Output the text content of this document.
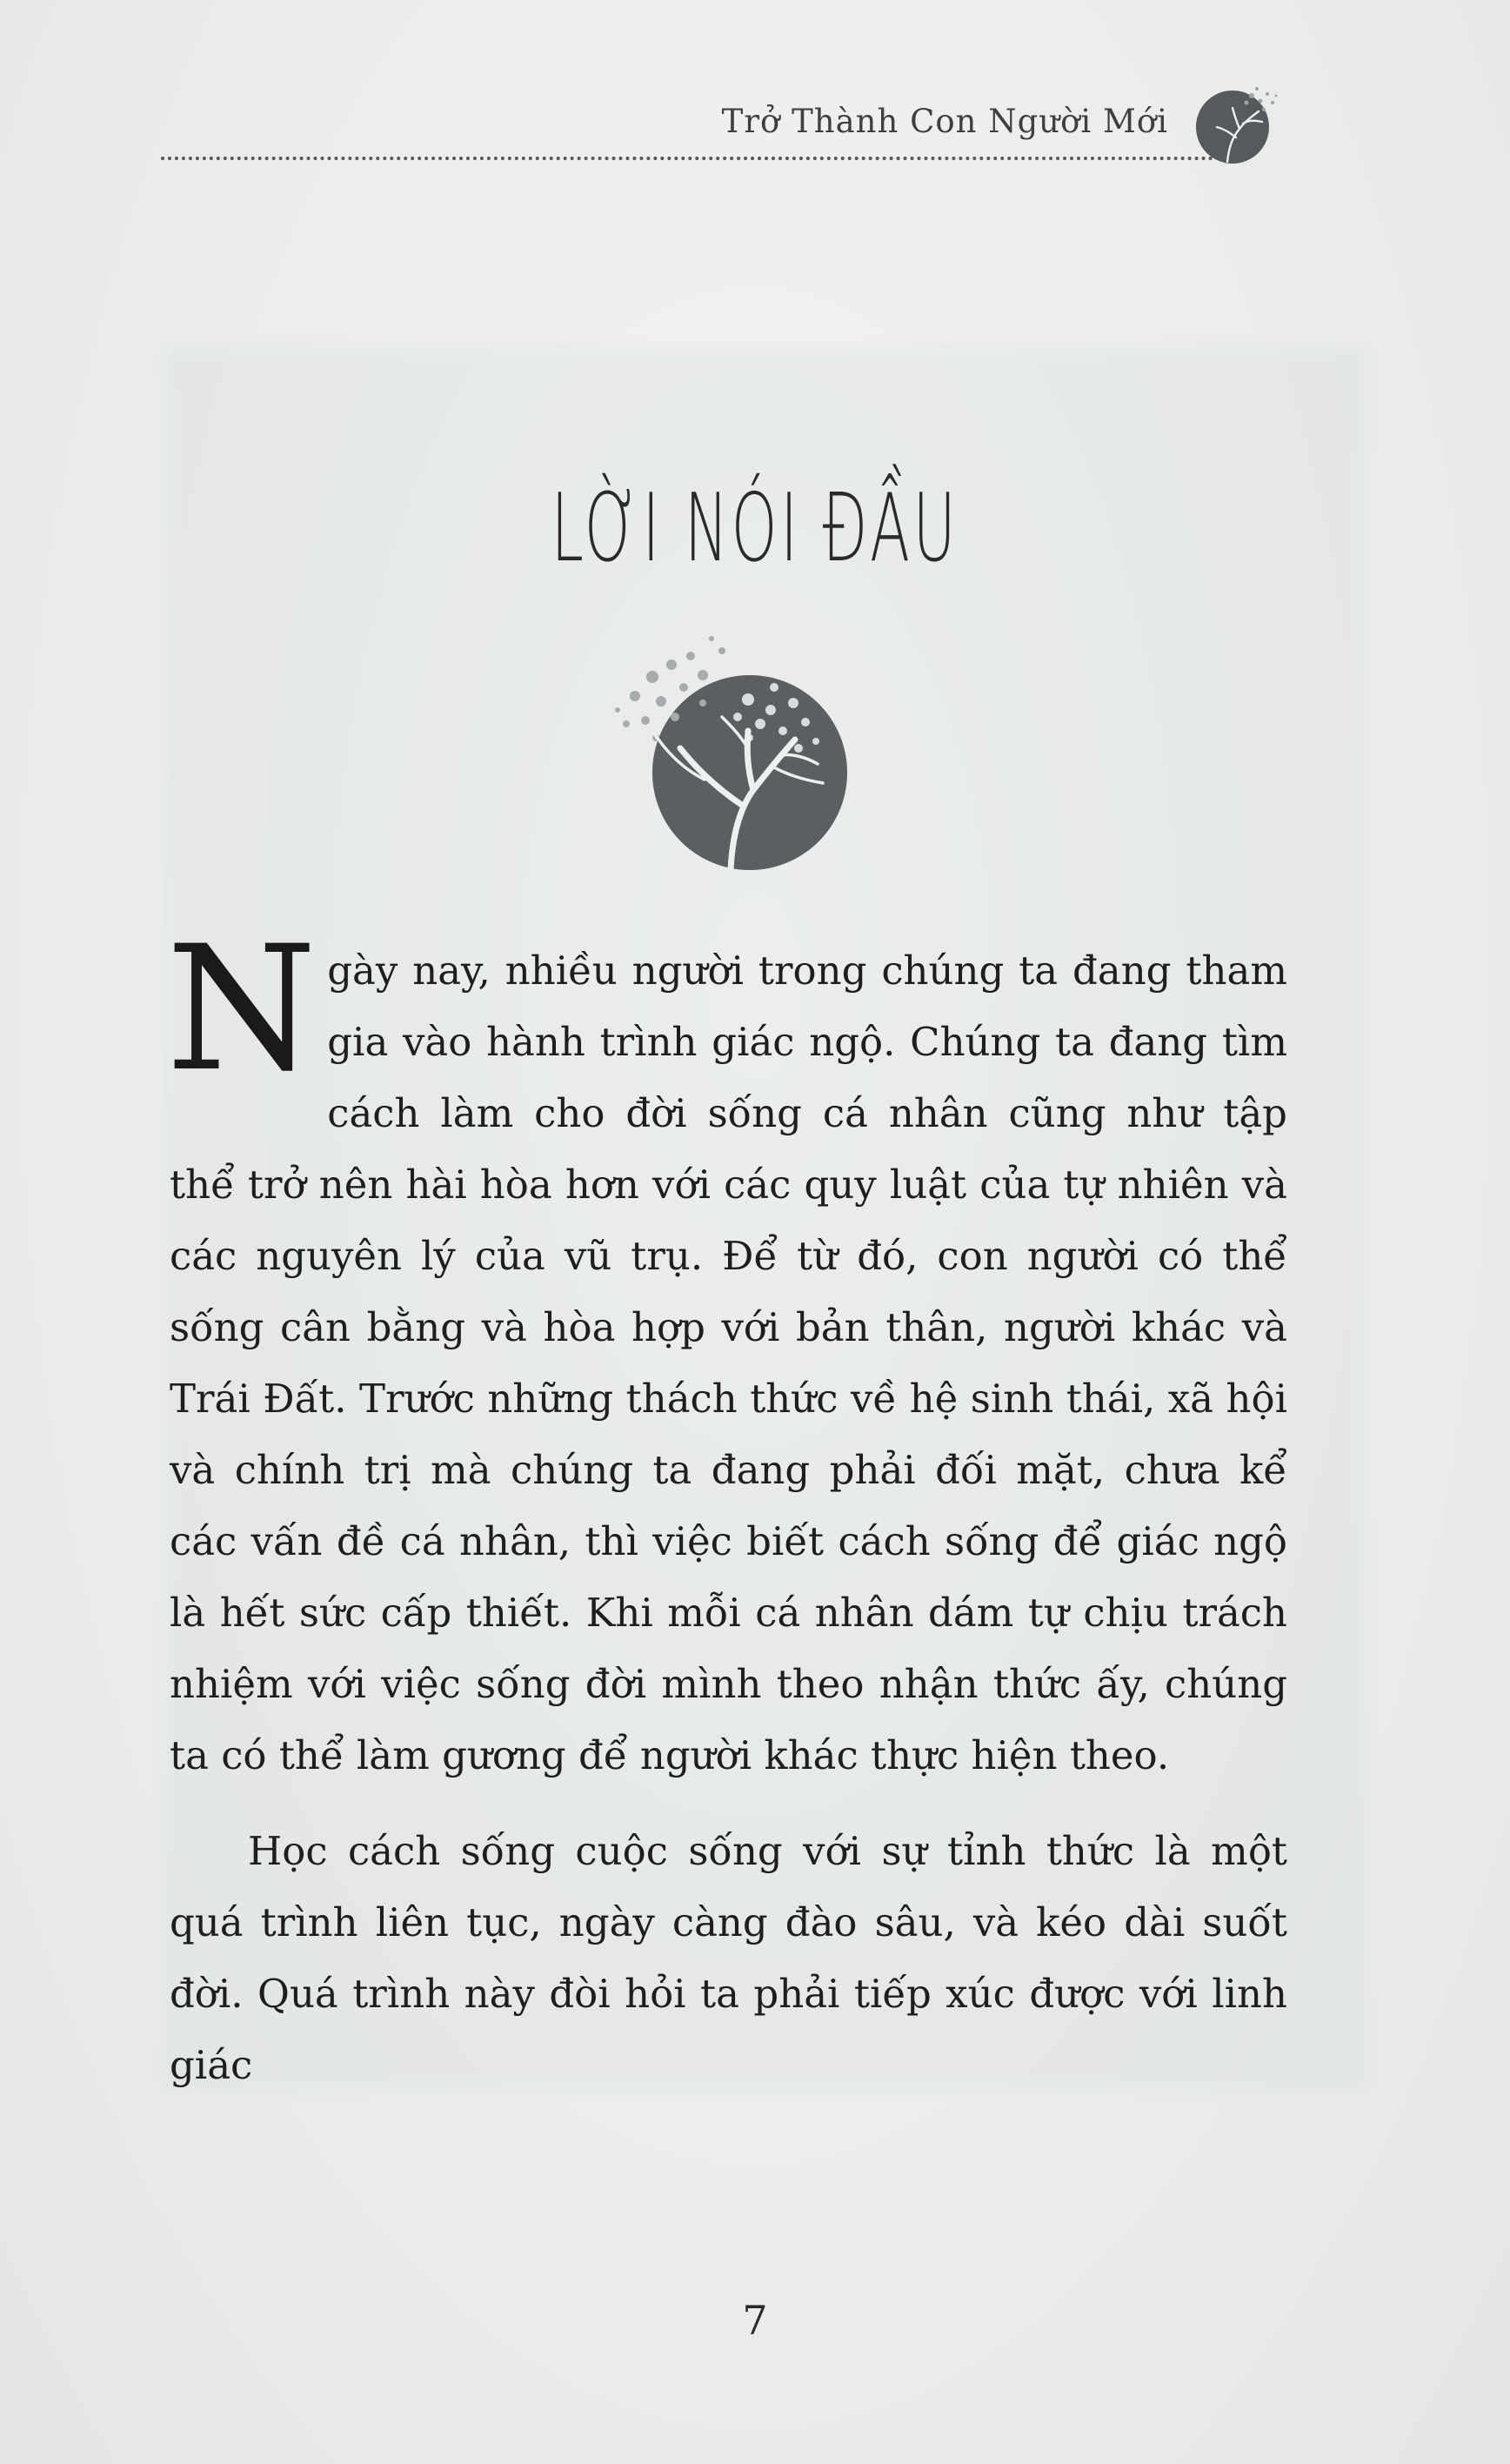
Trở Thành Con Người Mới
LỜI NÓI ĐẦU

Ngày nay, nhiều người trong chúng ta đang tham gia vào hành trình giác ngộ. Chúng ta đang tìm cách làm cho đời sống cá nhân cũng như tập thể trở nên hài hòa hơn với các quy luật của tự nhiên và các nguyên lý của vũ trụ. Để từ đó, con người có thể sống cân bằng và hòa hợp với bản thân, người khác và Trái Đất. Trước những thách thức về hệ sinh thái, xã hội và chính trị mà chúng ta đang phải đối mặt, chưa kể các vấn đề cá nhân, thì việc biết cách sống để giác ngộ là hết sức cấp thiết. Khi mỗi cá nhân dám tự chịu trách nhiệm với việc sống đời mình theo nhận thức ấy, chúng ta có thể làm gương để người khác thực hiện theo.

Học cách sống cuộc sống với sự tỉnh thức là một quá trình liên tục, ngày càng đào sâu, và kéo dài suốt đời. Quá trình này đòi hỏi ta phải tiếp xúc được với linh giác

7
